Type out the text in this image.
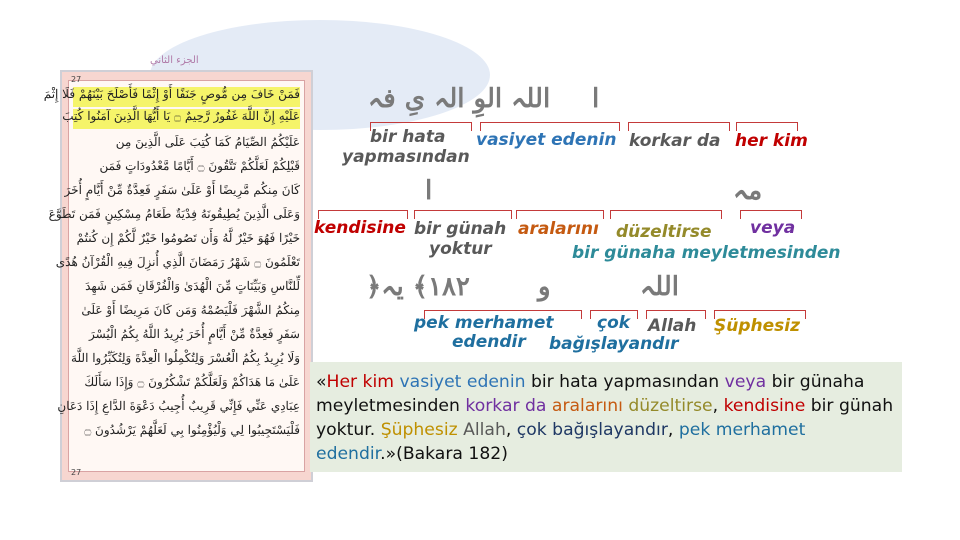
27
فَمَنْ خَافَ مِن مُّوصٍ جَنَفًا أَوْ إِثْمًا فَأَصْلَحَ بَيْنَهُمْ فَلَا إِثْمَ
عَلَيْهِ إِنَّ اللَّهَ غَفُورٌ رَّحِيمٌ ۝ يَا أَيُّهَا الَّذِينَ آمَنُوا كُتِبَ
عَلَيْكُمُ الصِّيَامُ كَمَا كُتِبَ عَلَى الَّذِينَ مِن
قَبْلِكُمْ لَعَلَّكُمْ تَتَّقُونَ ۝ أَيَّامًا مَّعْدُودَاتٍ فَمَن
كَانَ مِنكُم مَّرِيضًا أَوْ عَلَىٰ سَفَرٍ فَعِدَّةٌ مِّنْ أَيَّامٍ أُخَرَ
وَعَلَى الَّذِينَ يُطِيقُونَهُ فِدْيَةٌ طَعَامُ مِسْكِينٍ فَمَن تَطَوَّعَ
خَيْرًا فَهُوَ خَيْرٌ لَّهُ وَأَن تَصُومُوا خَيْرٌ لَّكُمْ إِن كُنتُمْ
تَعْلَمُونَ ۝ شَهْرُ رَمَضَانَ الَّذِي أُنزِلَ فِيهِ الْقُرْآنُ هُدًى
لِّلنَّاسِ وَبَيِّنَاتٍ مِّنَ الْهُدَىٰ وَالْفُرْقَانِ فَمَن شَهِدَ
مِنكُمُ الشَّهْرَ فَلْيَصُمْهُ وَمَن كَانَ مَرِيضًا أَوْ عَلَىٰ
سَفَرٍ فَعِدَّةٌ مِّنْ أَيَّامٍ أُخَرَ يُرِيدُ اللَّهُ بِكُمُ الْيُسْرَ
وَلَا يُرِيدُ بِكُمُ الْعُسْرَ وَلِتُكْمِلُوا الْعِدَّةَ وَلِتُكَبِّرُوا اللَّهَ
عَلَىٰ مَا هَدَاكُمْ وَلَعَلَّكُمْ تَشْكُرُونَ ۝ وَإِذَا سَأَلَكَ
عِبَادِي عَنِّي فَإِنِّي قَرِيبٌ أُجِيبُ دَعْوَةَ الدَّاعِ إِذَا دَعَانِ
فَلْيَسْتَجِيبُوا لِي وَلْيُؤْمِنُوا بِي لَعَلَّهُمْ يَرْشُدُونَ ۝
27
الجزء الثاني
ا
اللہ الوِ الہ یِ فہ
her kim
korkar da
vasiyet edenin
bir hata
yapmasından
مہ
ا
veya
bir günaha meyletmesinden
düzeltirse
aralarını
bir günah
yoktur
kendisine
اللہ
و
﴿١٨٢﴾ یہ
Şüphesiz
Allah
çok
bağışlayandır
pek merhamet
edendir

«Her kim vasiyet edenin bir hata yapmasından veya bir günaha meyletmesinden korkar da aralarını düzeltirse, kendisine bir günah yoktur. Şüphesiz Allah, çok bağışlayandır, pek merhamet edendir.»(Bakara 182)
